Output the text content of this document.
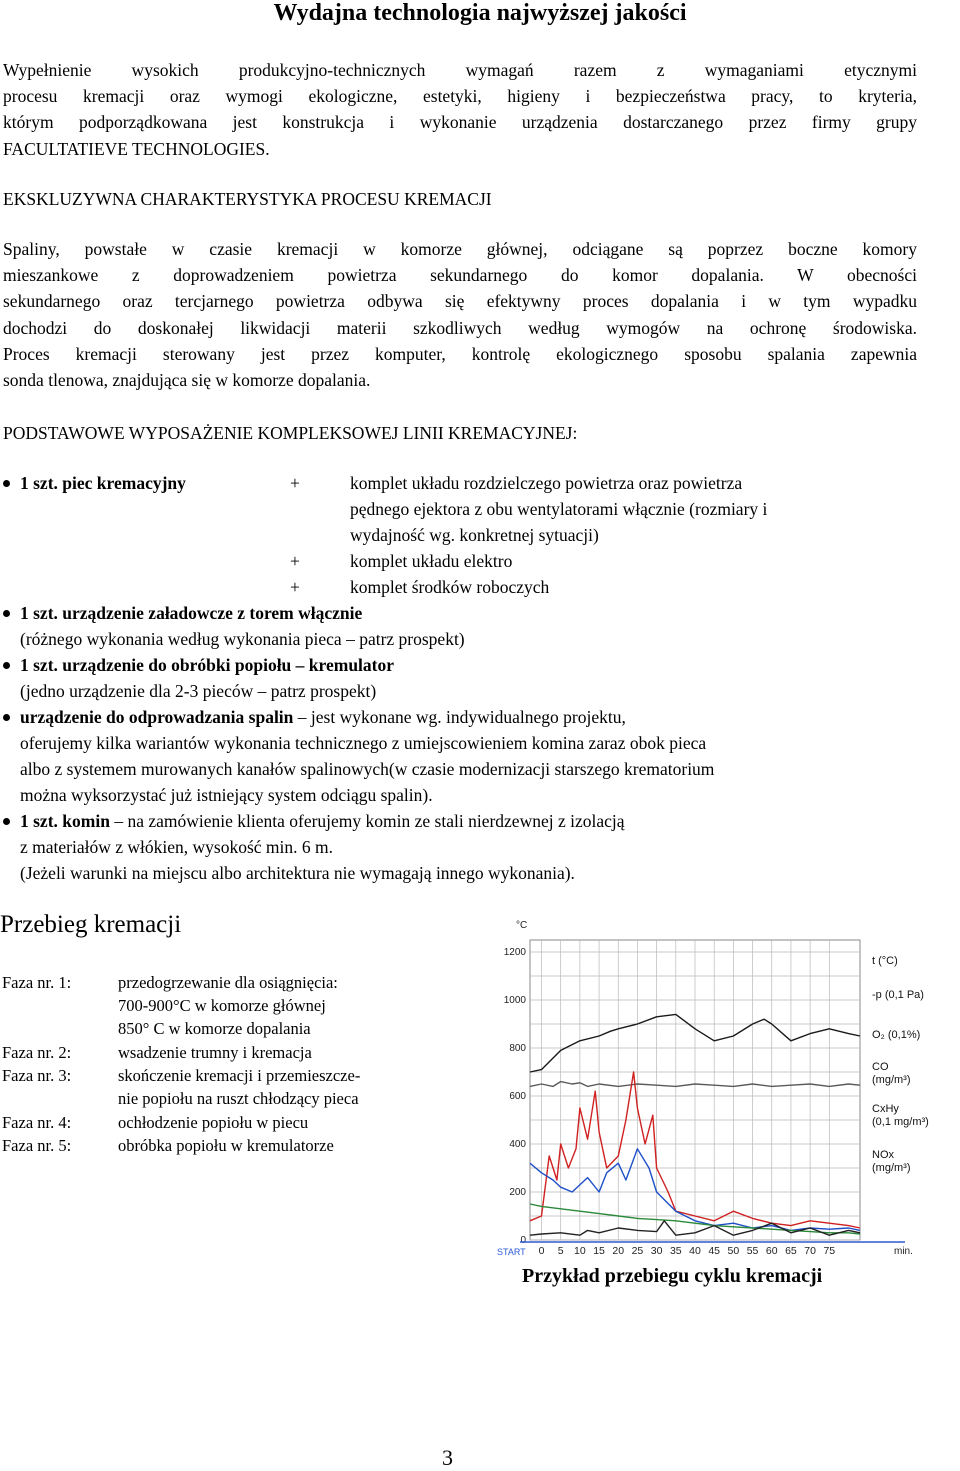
Wydajna technologia najwyższej jakości
Wypełnienie wysokich produkcyjno-technicznych wymagań razem z wymaganiami etycznymi
procesu kremacji oraz wymogi ekologiczne, estetyki, higieny i bezpieczeństwa pracy, to kryteria,
którym podporządkowana jest konstrukcja i wykonanie urządzenia dostarczanego przez firmy grupy
FACULTATIEVE TECHNOLOGIES.
EKSKLUZYWNA CHARAKTERYSTYKA PROCESU KREMACJI
Spaliny, powstałe w czasie kremacji w komorze głównej, odciągane są poprzez boczne komory
mieszankowe z doprowadzeniem powietrza sekundarnego do komor dopalania. W obecności
sekundarnego oraz tercjarnego powietrza odbywa się efektywny proces dopalania i w tym wypadku
dochodzi do doskonałej likwidacji materii szkodliwych według wymogów na ochronę środowiska.
Proces kremacji sterowany jest przez komputer, kontrolę ekologicznego sposobu spalania zapewnia
sonda tlenowa, znajdująca się w komorze dopalania.
PODSTAWOWE WYPOSAŻENIE KOMPLEKSOWEJ LINII KREMACYJNEJ:
1 szt. piec kremacyjny	+	komplet układu rozdzielczego powietrza oraz powietrza
pędnego ejektora z obu wentylatorami włącznie (rozmiary i
wydajność wg. konkretnej sytuacji)
+	komplet układu elektro
+	komplet środków roboczych
1 szt. urządzenie załadowcze z torem włącznie
(różnego wykonania według wykonania pieca – patrz prospekt)
1 szt. urządzenie do obróbki popiołu – kremulator
(jedno urządzenie dla 2-3 pieców – patrz prospekt)
urządzenie do odprowadzania spalin – jest wykonane wg. indywidualnego projektu,
oferujemy kilka wariantów wykonania technicznego z umiejscowieniem komina zaraz obok pieca
albo z systemem murowanych kanałów spalinowych(w czasie modernizacji starszego krematorium
można wyksorzystać już istniejący system odciągu spalin).
1 szt. komin – na zamówienie klienta oferujemy komin ze stali nierdzewnej z izolacją
z materiałów z włókien, wysokość min. 6 m.
(Jeżeli warunki na miejscu albo architektura nie wymagają innego wykonania).
Przebieg kremacji
Faza nr. 1:	przedogrzewanie dla osiągnięcia:
700-900°C w komorze głównej
850° C w komorze dopalania
Faza nr. 2:	wsadzenie trumny i kremacja
Faza nr. 3:	skończenie kremacji i przemieszcze-
nie popiołu na ruszt chłodzący pieca
Faza nr. 4:	ochłodzenie popiołu w piecu
Faza nr. 5:	obróbka popiołu w kremulatorze
0
200
400
600
800
1000
1200
°C
0 5 10 15 20 25 30 35 40 45 50 55 60 65 70 75
START	min.
t (°C)
-p (0,1 Pa)
O₂ (0,1%)
CO
(mg/m³)
CxHy
(0,1 mg/m³)
NOx
(mg/m³)
Przykład przebiegu cyklu kremacji
3
